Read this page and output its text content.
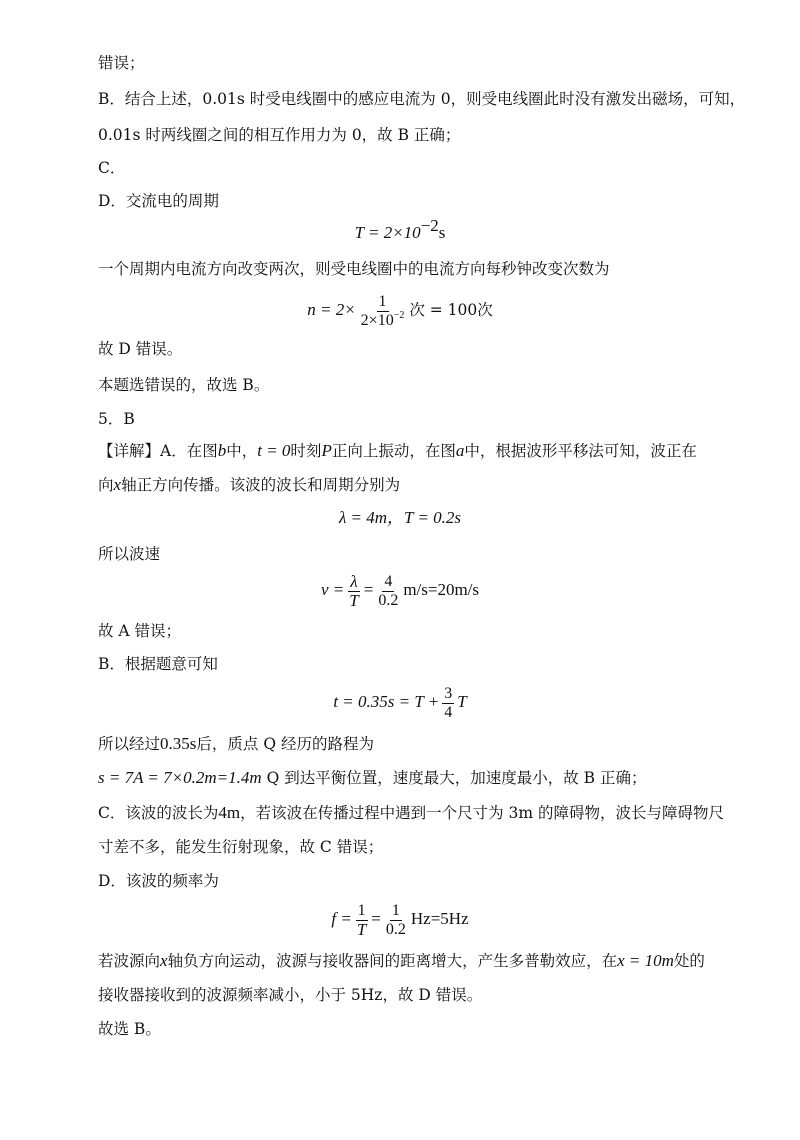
错误；
B．结合上述，0.01s 时受电线圈中的感应电流为 0，则受电线圈此时没有激发出磁场，可知，
0.01s 时两线圈之间的相互作用力为 0，故 B 正确；
C．
D．交流电的周期
$T = 2\times 10^{-2}s$
一个周期内电流方向改变两次，则受电线圈中的电流方向每秒钟改变次数为
$n = 2\times \frac{1}{2\times 10^{-2}}$ 次 = 100次
故 D 错误。
本题选错误的，故选 B。
5．B
【详解】A．在图b中，t = 0时刻P正向上振动，在图a中，根据波形平移法可知，波正在
向x轴正方向传播。该波的波长和周期分别为
λ = 4m，T = 0.2s
所以波速
$v = \frac{\lambda}{T} = \frac{4}{0.2} m/s=20m/s$
故 A 错误；
B．根据题意可知
$t = 0.35s = T + \frac{3}{4}$ T
所以经过0.35s后，质点 Q 经历的路程为
s = 7A = 7×0.2m=1.4m Q 到达平衡位置，速度最大，加速度最小，故 B 正确；
C．该波的波长为4m，若该波在传播过程中遇到一个尺寸为 3m 的障碍物，波长与障碍物尺
寸差不多，能发生衍射现象，故 C 错误；
D．该波的频率为
$f = \frac{1}{T} = \frac{1}{0.2} Hz=5Hz$
若波源向x轴负方向运动，波源与接收器间的距离增大，产生多普勒效应，在x = 10m处的
接收器接收到的波源频率减小，小于 5Hz，故 D 错误。
故选 B。
